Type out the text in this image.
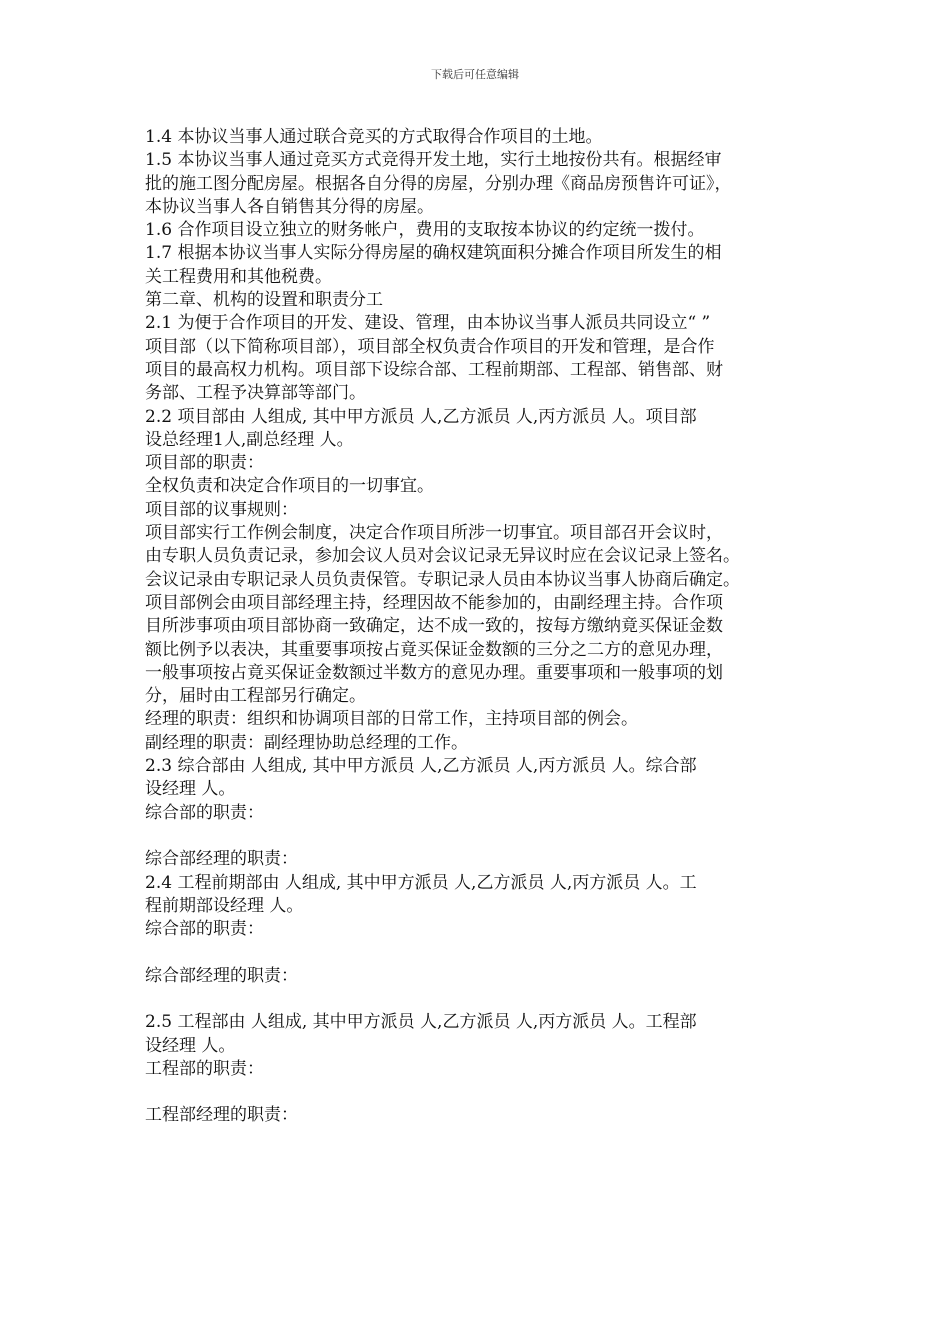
下载后可任意编辑
1.4 本协议当事人通过联合竞买的方式取得合作项目的土地。
1.5 本协议当事人通过竞买方式竞得开发土地，实行土地按份共有。根据经审
批的施工图分配房屋。根据各自分得的房屋，分别办理《商品房预售许可证》，
本协议当事人各自销售其分得的房屋。
1.6 合作项目设立独立的财务帐户，费用的支取按本协议的约定统一拨付。
1.7 根据本协议当事人实际分得房屋的确权建筑面积分摊合作项目所发生的相
关工程费用和其他税费。
第二章、机构的设置和职责分工
2.1 为便于合作项目的开发、建设、管理，由本协议当事人派员共同设立“ ”
项目部（以下简称项目部），项目部全权负责合作项目的开发和管理，是合作
项目的最高权力机构。项目部下设综合部、工程前期部、工程部、销售部、财
务部、工程予决算部等部门。
2.2 项目部由 人组成, 其中甲方派员 人,乙方派员 人,丙方派员 人。项目部
设总经理1人,副总经理 人。
项目部的职责：
全权负责和决定合作项目的一切事宜。
项目部的议事规则：
项目部实行工作例会制度，决定合作项目所涉一切事宜。项目部召开会议时，
由专职人员负责记录，参加会议人员对会议记录无异议时应在会议记录上签名。
会议记录由专职记录人员负责保管。专职记录人员由本协议当事人协商后确定。
项目部例会由项目部经理主持，经理因故不能参加的，由副经理主持。合作项
目所涉事项由项目部协商一致确定，达不成一致的，按每方缴纳竟买保证金数
额比例予以表决，其重要事项按占竟买保证金数额的三分之二方的意见办理，
一般事项按占竟买保证金数额过半数方的意见办理。重要事项和一般事项的划
分，届时由工程部另行确定。
经理的职责：组织和协调项目部的日常工作，主持项目部的例会。
副经理的职责：副经理协助总经理的工作。
2.3 综合部由 人组成, 其中甲方派员 人,乙方派员 人,丙方派员 人。综合部
设经理 人。
综合部的职责：
综合部经理的职责：
2.4 工程前期部由 人组成, 其中甲方派员 人,乙方派员 人,丙方派员 人。工
程前期部设经理 人。
综合部的职责：
综合部经理的职责：
2.5 工程部由 人组成, 其中甲方派员 人,乙方派员 人,丙方派员 人。工程部
设经理 人。
工程部的职责：
工程部经理的职责：
